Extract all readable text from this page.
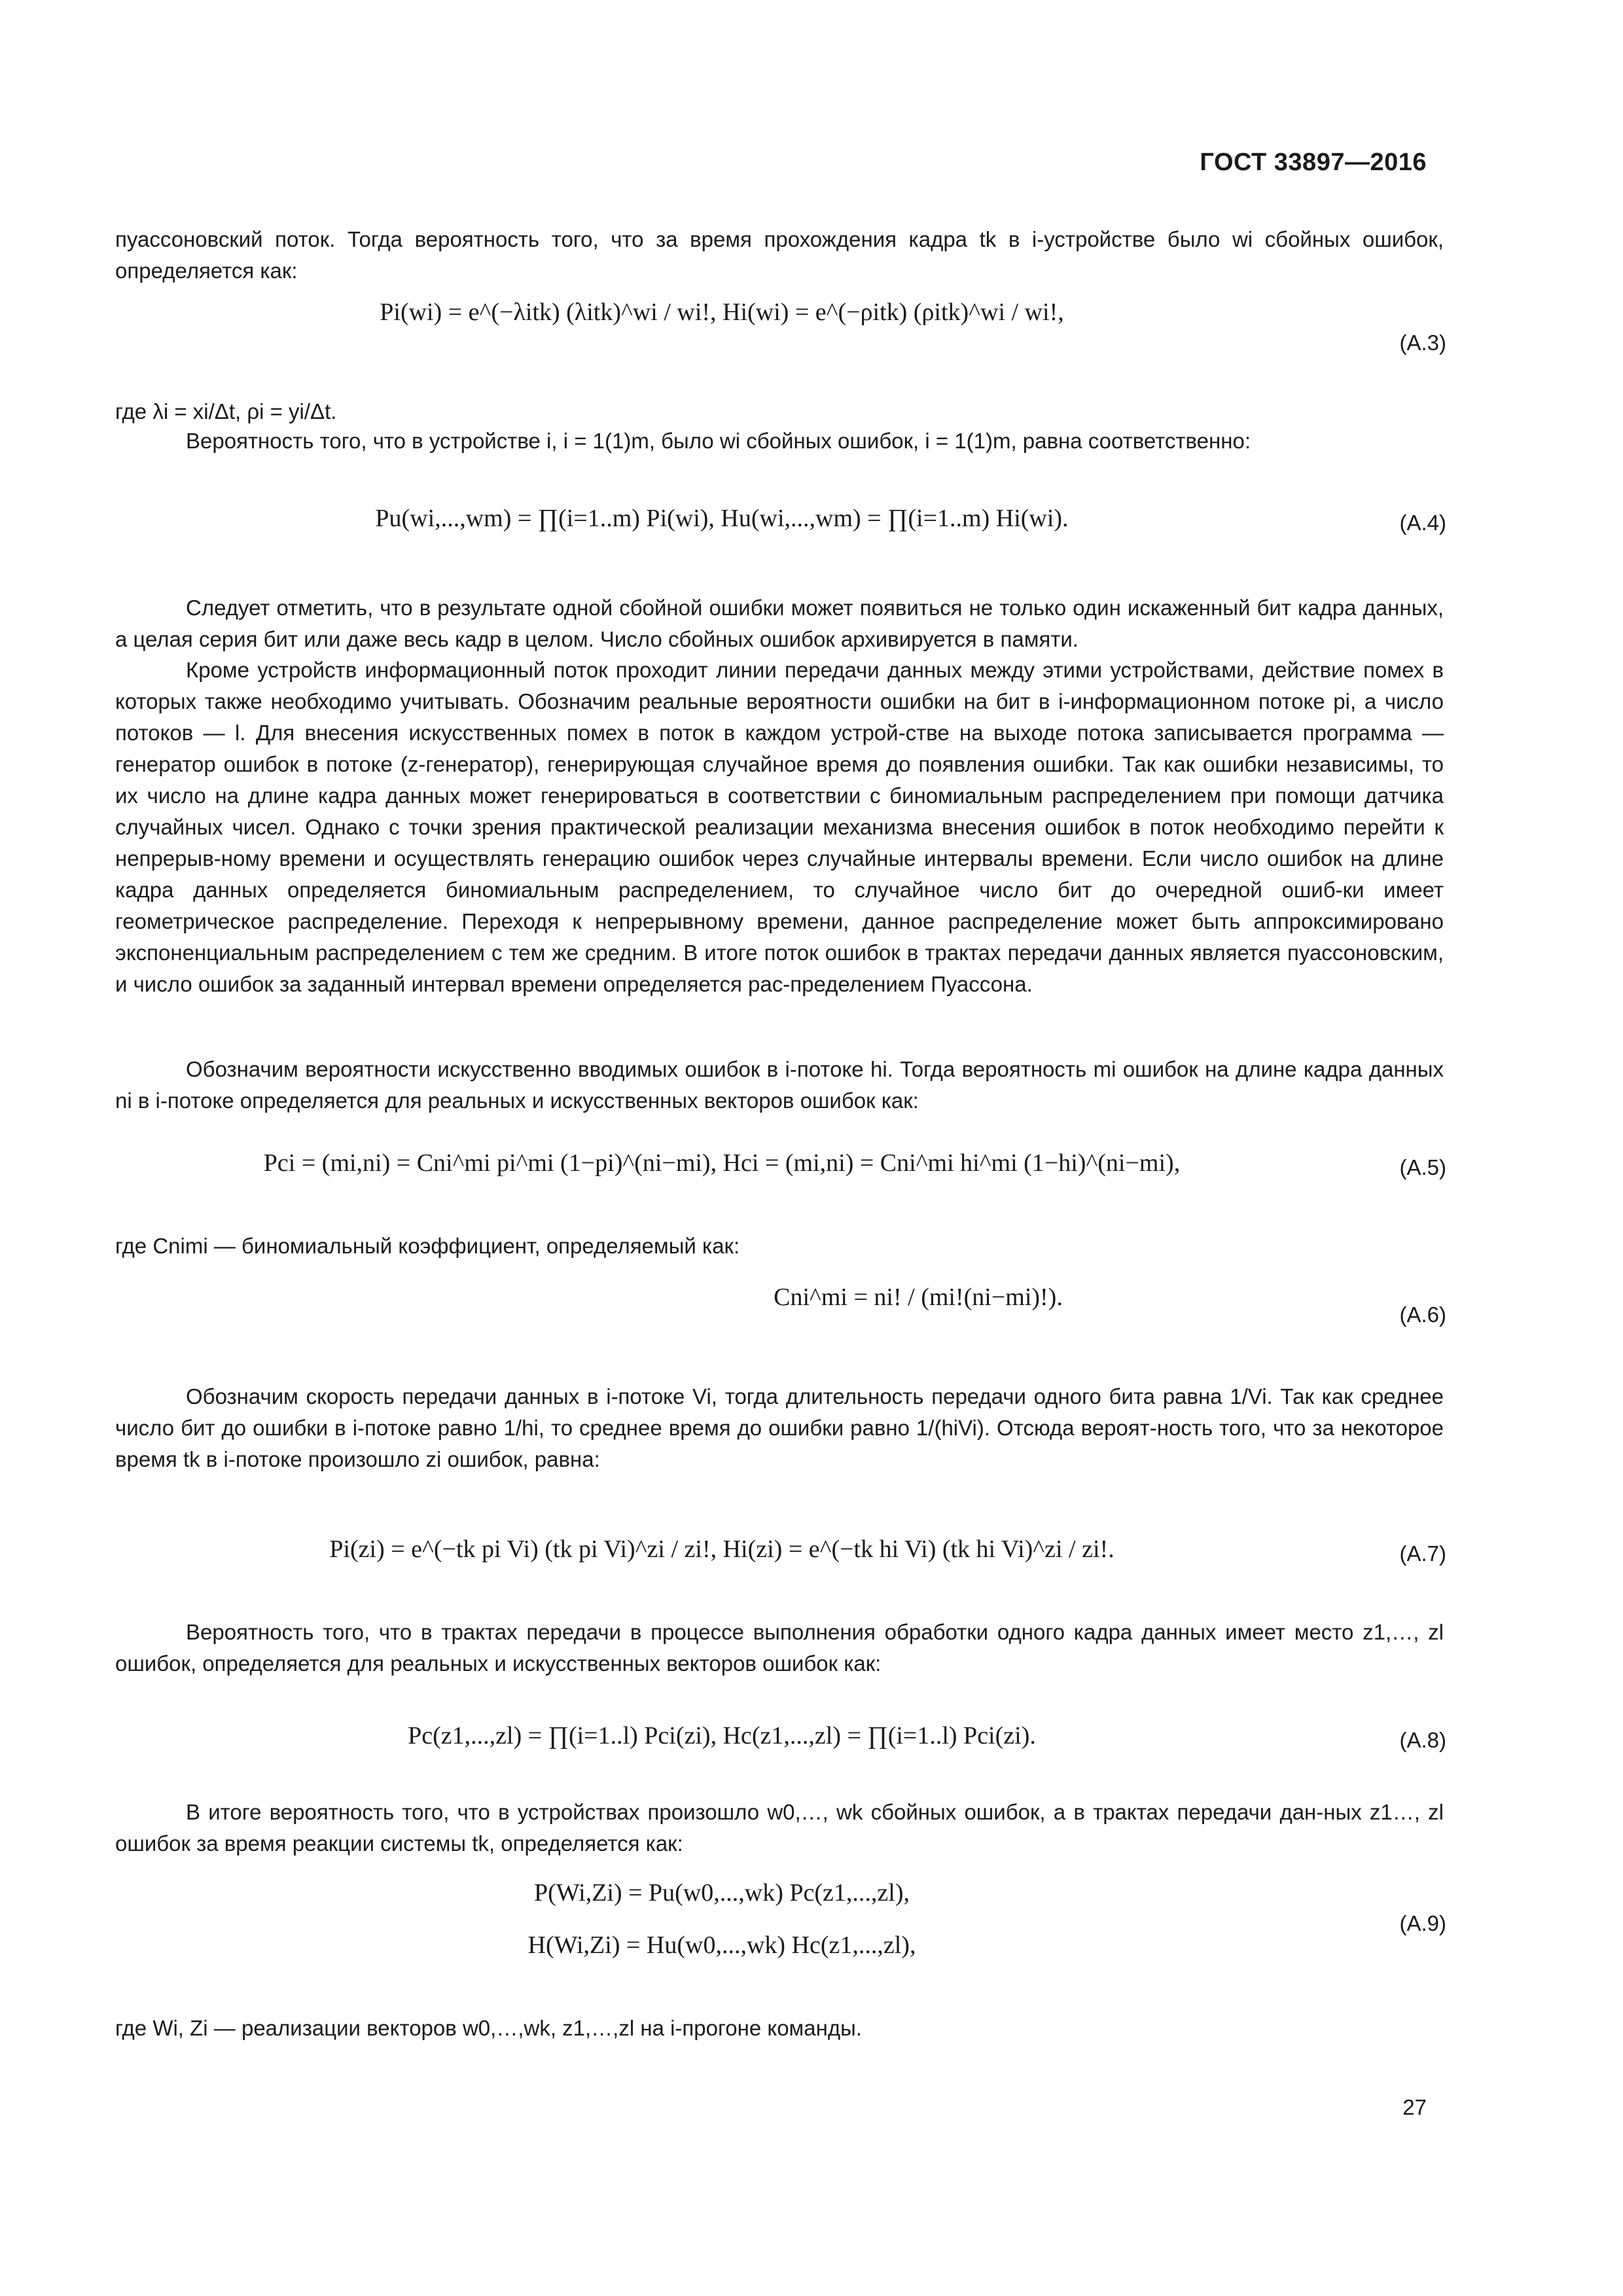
ГОСТ 33897—2016
пуассоновский поток. Тогда вероятность того, что за время прохождения кадра tk в i-устройстве было wi сбойных ошибок, определяется как:
Pi(wi) = e^(−λitk) (λitk)^wi / wi!, Hi(wi) = e^(−ρitk) (ρitk)^wi / wi!,
(А.3)
где λi = xi/Δt, ρi = yi/Δt.
Вероятность того, что в устройстве i, i = 1(1)m, было wi сбойных ошибок, i = 1(1)m, равна соответственно:
Pu(wi,...,wm) = ∏(i=1..m) Pi(wi), Hu(wi,...,wm) = ∏(i=1..m) Hi(wi).	(А.4)
Следует отметить, что в результате одной сбойной ошибки может появиться не только один искаженный бит кадра данных, а целая серия бит или даже весь кадр в целом. Число сбойных ошибок архивируется в памяти.
Кроме устройств информационный поток проходит линии передачи данных между этими устройствами, действие помех в которых также необходимо учитывать. Обозначим реальные вероятности ошибки на бит в i-информационном потоке pi, а число потоков — l. Для внесения искусственных помех в поток в каждом устрой-стве на выходе потока записывается программа — генератор ошибок в потоке (z-генератор), генерирующая случайное время до появления ошибки. Так как ошибки независимы, то их число на длине кадра данных может генерироваться в соответствии с биномиальным распределением при помощи датчика случайных чисел. Однако с точки зрения практической реализации механизма внесения ошибок в поток необходимо перейти к непрерыв-ному времени и осуществлять генерацию ошибок через случайные интервалы времени. Если число ошибок на длине кадра данных определяется биномиальным распределением, то случайное число бит до очередной ошиб-ки имеет геометрическое распределение. Переходя к непрерывному времени, данное распределение может быть аппроксимировано экспоненциальным распределением с тем же средним. В итоге поток ошибок в трактах передачи данных является пуассоновским, и число ошибок за заданный интервал времени определяется рас-пределением Пуассона.
Обозначим вероятности искусственно вводимых ошибок в i-потоке hi. Тогда вероятность mi ошибок на длине кадра данных ni в i-потоке определяется для реальных и искусственных векторов ошибок как:
Pci = (mi,ni) = Cni^mi pi^mi (1−pi)^(ni−mi), Hci = (mi,ni) = Cni^mi hi^mi (1−hi)^(ni−mi),	(А.5)
где Cnimi — биномиальный коэффициент, определяемый как:
Cni^mi = ni! / (mi!(ni−mi)!).
(А.6)
Обозначим скорость передачи данных в i-потоке Vi, тогда длительность передачи одного бита равна 1/Vi. Так как среднее число бит до ошибки в i-потоке равно 1/hi, то среднее время до ошибки равно 1/(hiVi). Отсюда вероят-ность того, что за некоторое время tk в i-потоке произошло zi ошибок, равна:
Pi(zi) = e^(−tk pi Vi) (tk pi Vi)^zi / zi!, Hi(zi) = e^(−tk hi Vi) (tk hi Vi)^zi / zi!.	(А.7)
Вероятность того, что в трактах передачи в процессе выполнения обработки одного кадра данных имеет место z1,…, zl ошибок, определяется для реальных и искусственных векторов ошибок как:
Pc(z1,...,zl) = ∏(i=1..l) Pci(zi), Hc(z1,...,zl) = ∏(i=1..l) Pci(zi).	(А.8)
В итоге вероятность того, что в устройствах произошло w0,…, wk сбойных ошибок, а в трактах передачи дан-ных z1…, zl ошибок за время реакции системы tk, определяется как:
P(Wi,Zi) = Pu(w0,...,wk) Pc(z1,...,zl),
H(Wi,Zi) = Hu(w0,...,wk) Hc(z1,...,zl),
(А.9)
где Wi, Zi — реализации векторов w0,…,wk, z1,…,zl на i-прогоне команды.
27
